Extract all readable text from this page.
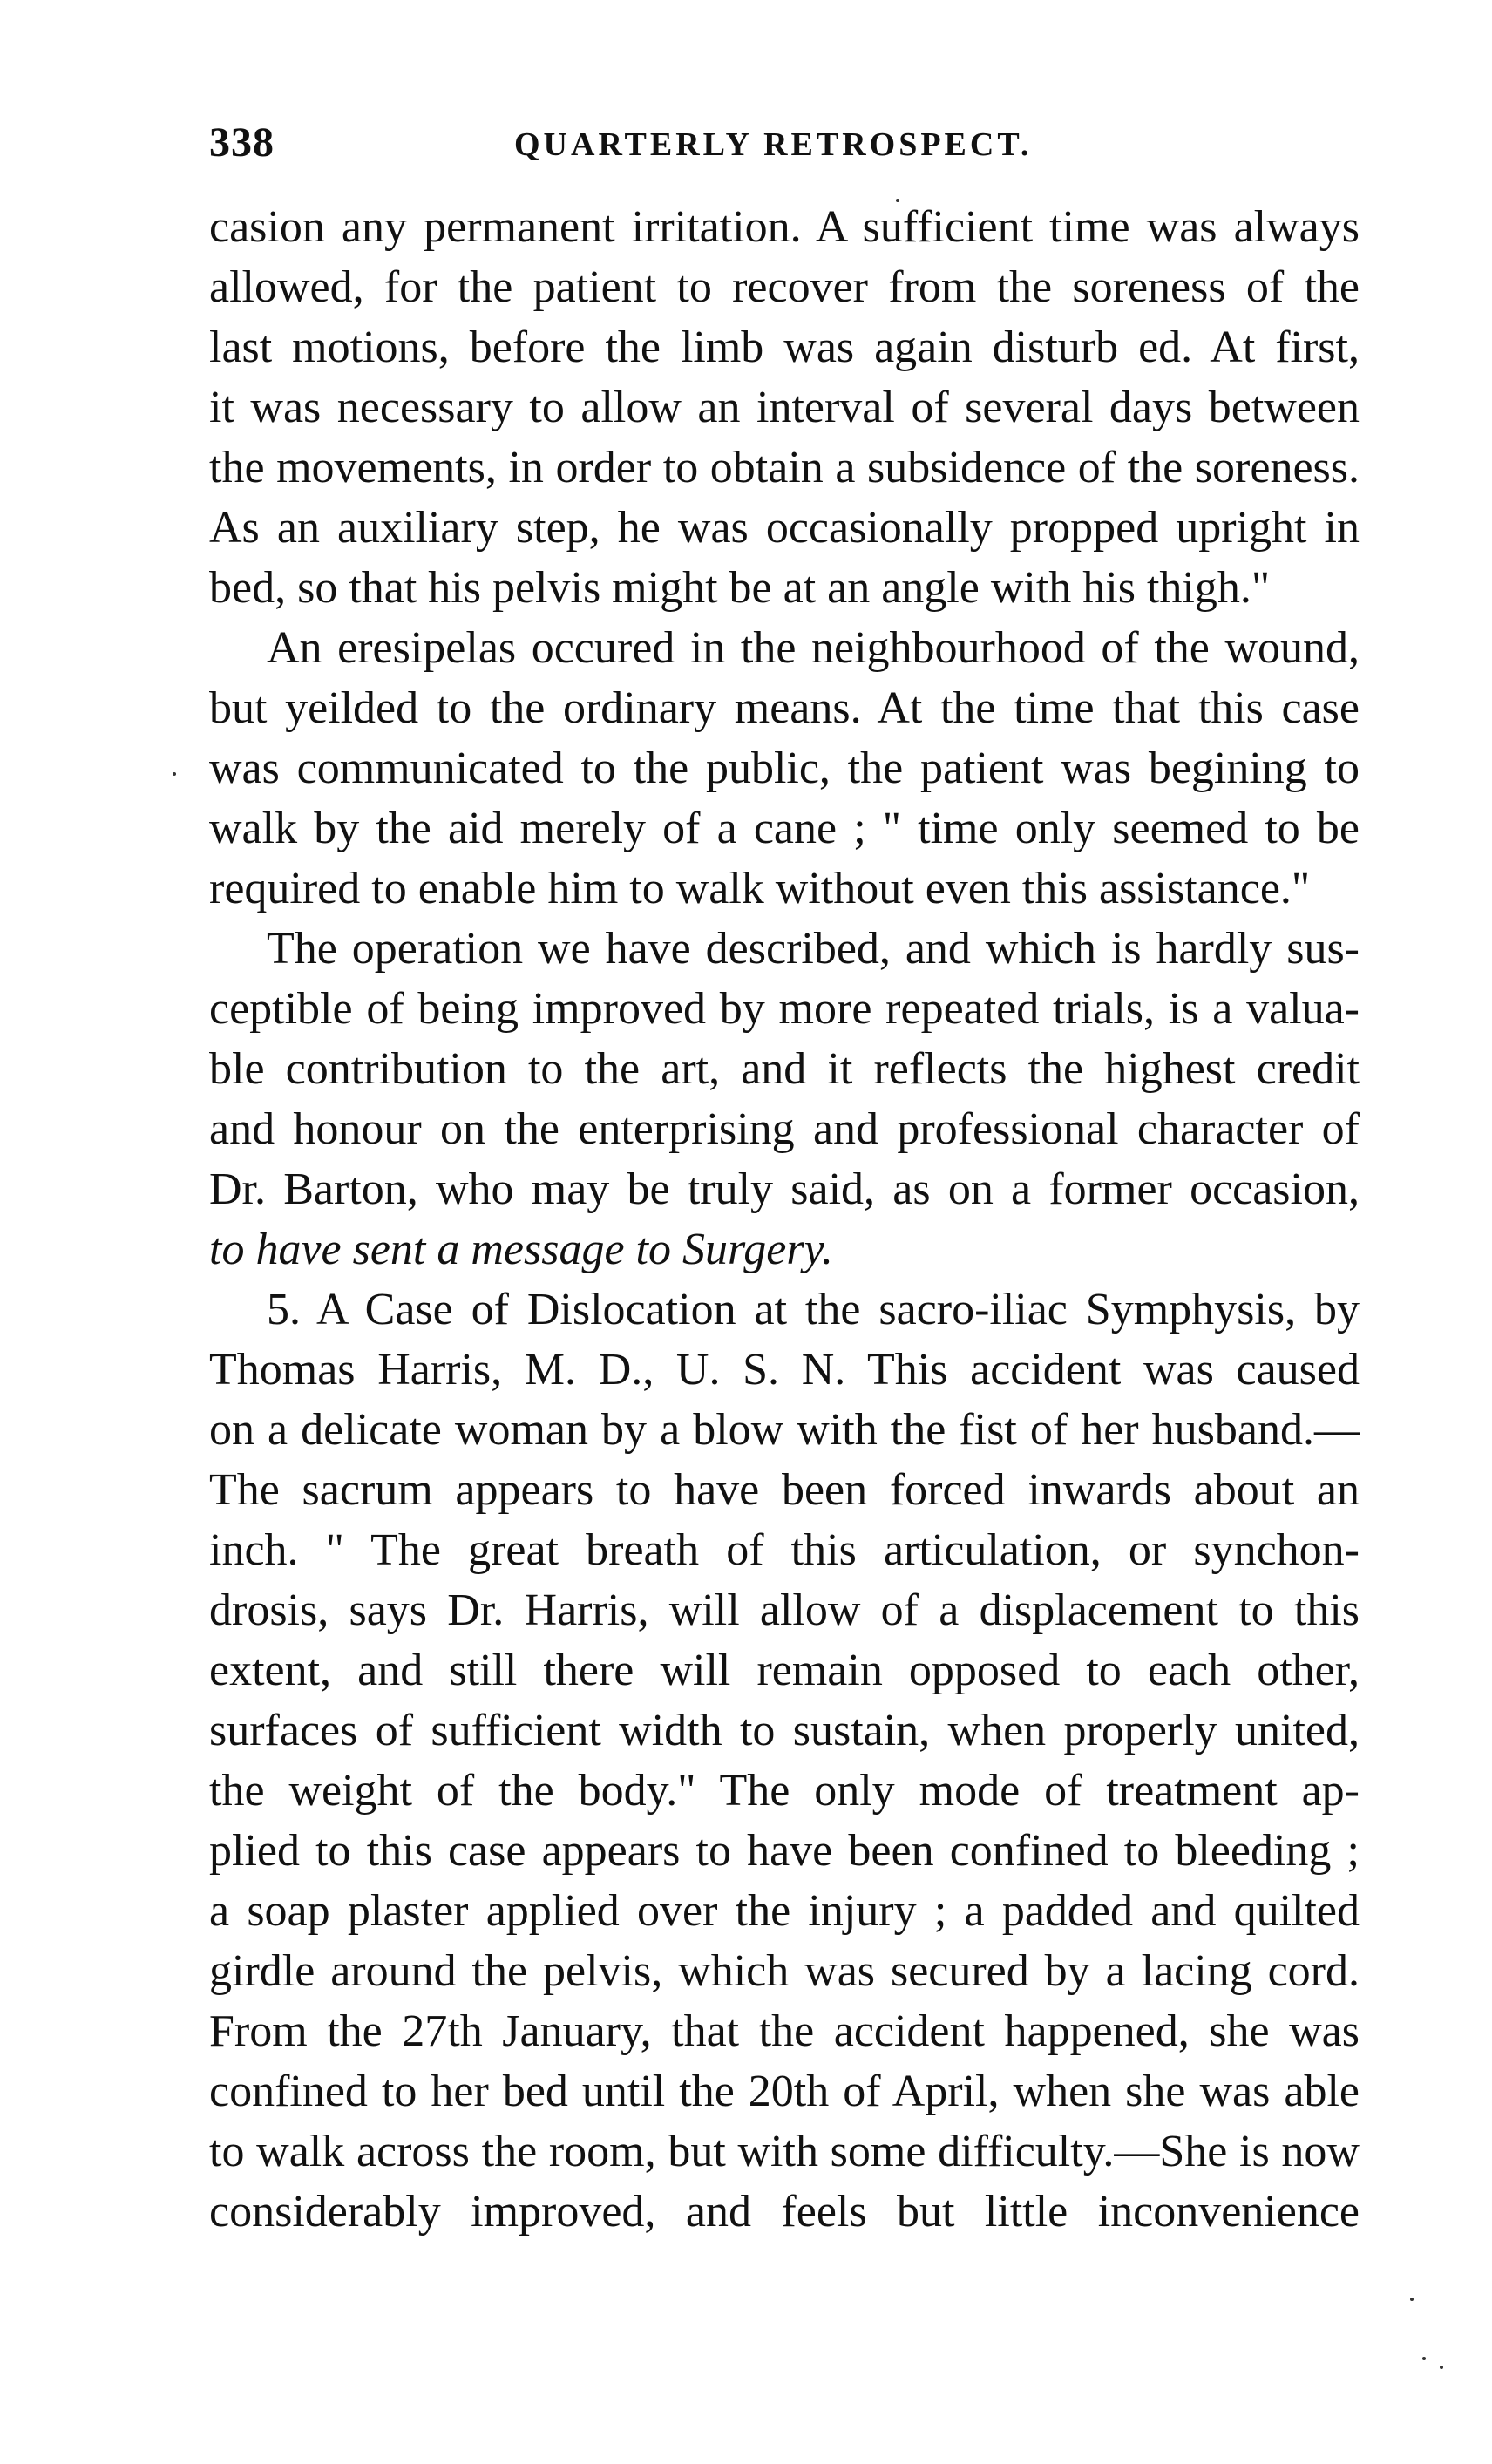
338	QUARTERLY RETROSPECT.
casion any permanent irritation. A sufficient time was always
allowed, for the patient to recover from the soreness of the
last motions, before the limb was again disturb ed. At first,
it was necessary to allow an interval of several days between
the movements, in order to obtain a subsidence of the soreness.
As an auxiliary step, he was occasionally propped upright in
bed, so that his pelvis might be at an angle with his thigh."
An eresipelas occured in the neighbourhood of the wound,
but yeilded to the ordinary means. At the time that this case
was communicated to the public, the patient was begining to
walk by the aid merely of a cane ; " time only seemed to be
required to enable him to walk without even this assistance."
The operation we have described, and which is hardly sus-
ceptible of being improved by more repeated trials, is a valua-
ble contribution to the art, and it reflects the highest credit
and honour on the enterprising and professional character of
Dr. Barton, who may be truly said, as on a former occasion,
to have sent a message to Surgery.
5. A Case of Dislocation at the sacro-iliac Symphysis, by
Thomas Harris, M. D., U. S. N. This accident was caused
on a delicate woman by a blow with the fist of her husband.—
The sacrum appears to have been forced inwards about an
inch. " The great breath of this articulation, or synchon-
drosis, says Dr. Harris, will allow of a displacement to this
extent, and still there will remain opposed to each other,
surfaces of sufficient width to sustain, when properly united,
the weight of the body." The only mode of treatment ap-
plied to this case appears to have been confined to bleeding ;
a soap plaster applied over the injury ; a padded and quilted
girdle around the pelvis, which was secured by a lacing cord.
From the 27th January, that the accident happened, she was
confined to her bed until the 20th of April, when she was able
to walk across the room, but with some difficulty.—She is now
considerably improved, and feels but little inconvenience
